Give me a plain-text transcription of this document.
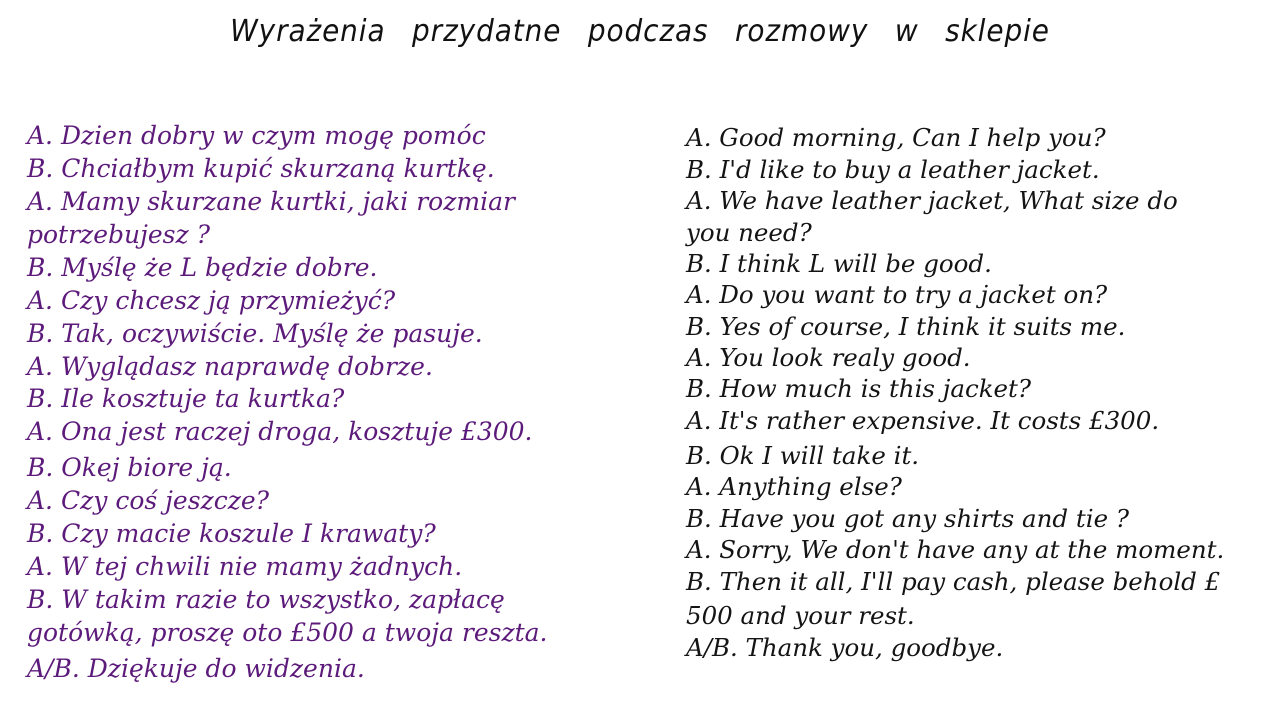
Wyrażenia przydatne podczas rozmowy w sklepie
A. Dzien dobry w czym mogę pomóc
B. Chciałbym kupić skurzaną kurtkę.
A. Mamy skurzane kurtki, jaki rozmiar
potrzebujesz ?
B. Myślę że L będzie dobre.
A. Czy chcesz ją przymieżyć?
B. Tak, oczywiście. Myślę że pasuje.
A. Wyglądasz naprawdę dobrze.
B. Ile kosztuje ta kurtka?
A. Ona jest raczej droga, kosztuje £300.
B. Okej biore ją.
A. Czy coś jeszcze?
B. Czy macie koszule I krawaty?
A. W tej chwili nie mamy żadnych.
B. W takim razie to wszystko, zapłacę
gotówką, proszę oto £500 a twoja reszta.
A/B. Dziękuje do widzenia.
A. Good morning, Can I help you?
B. I'd like to buy a leather jacket.
A. We have leather jacket, What size do
you need?
B. I think L will be good.
A. Do you want to try a jacket on?
B. Yes of course, I think it suits me.
A. You look realy good.
B. How much is this jacket?
A. It's rather expensive. It costs £300.
B. Ok I will take it.
A. Anything else?
B. Have you got any shirts and tie ?
A. Sorry, We don't have any at the moment.
B. Then it all, I'll pay cash, please behold £
500 and your rest.
A/B. Thank you, goodbye.
